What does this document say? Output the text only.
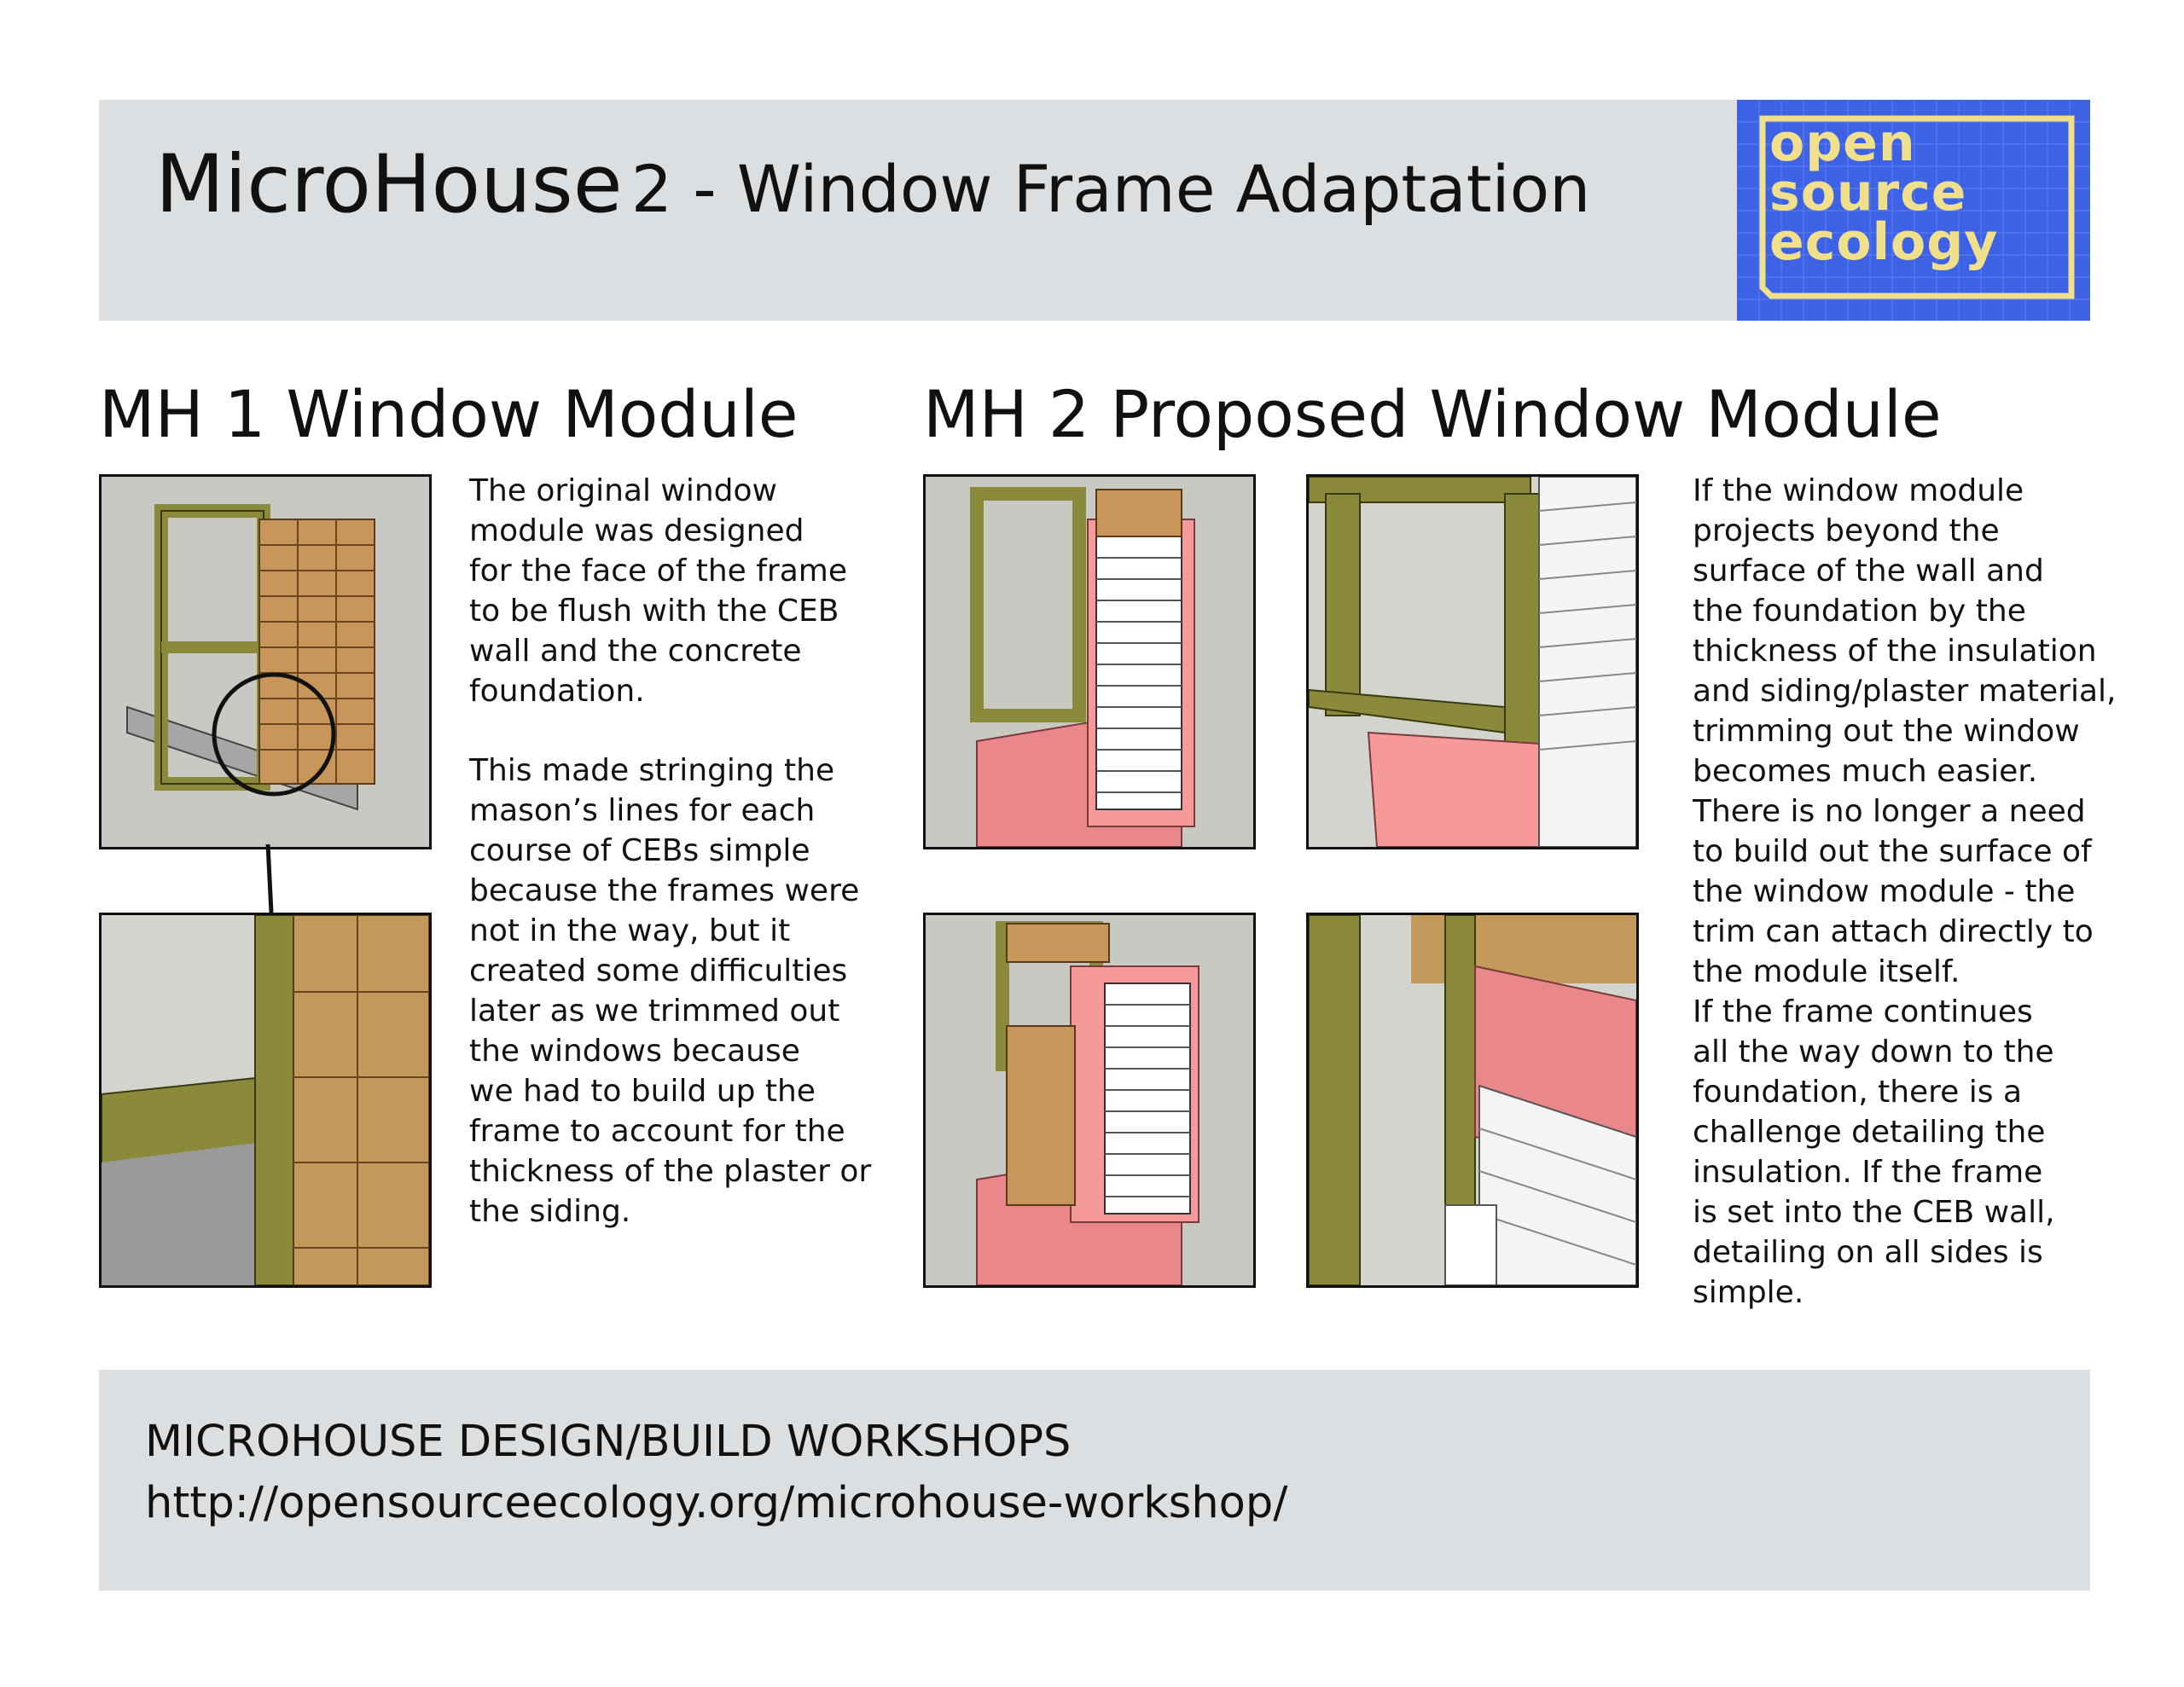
MicroHouse 2 - Window Frame Adaptation
open
source
ecology
MH 1 Window Module MH 2 Proposed Window Module

The original window
module was designed
for the face of the frame
to be flush with the CEB
wall and the concrete
foundation.

This made stringing the
mason’s lines for each
course of CEBs simple
because the frames were
not in the way, but it
created some difficulties
later as we trimmed out
the windows because
we had to build up the
frame to account for the
thickness of the plaster or
the siding.

If the window module
projects beyond the
surface of the wall and
the foundation by the
thickness of the insulation
and siding/plaster material,
trimming out the window
becomes much easier.
There is no longer a need
to build out the surface of
the window module - the
trim can attach directly to
the module itself.
If the frame continues
all the way down to the
foundation, there is a
challenge detailing the
insulation. If the frame
is set into the CEB wall,
detailing on all sides is
simple.

MICROHOUSE DESIGN/BUILD WORKSHOPS

http://opensourceecology.org/microhouse-workshop/
